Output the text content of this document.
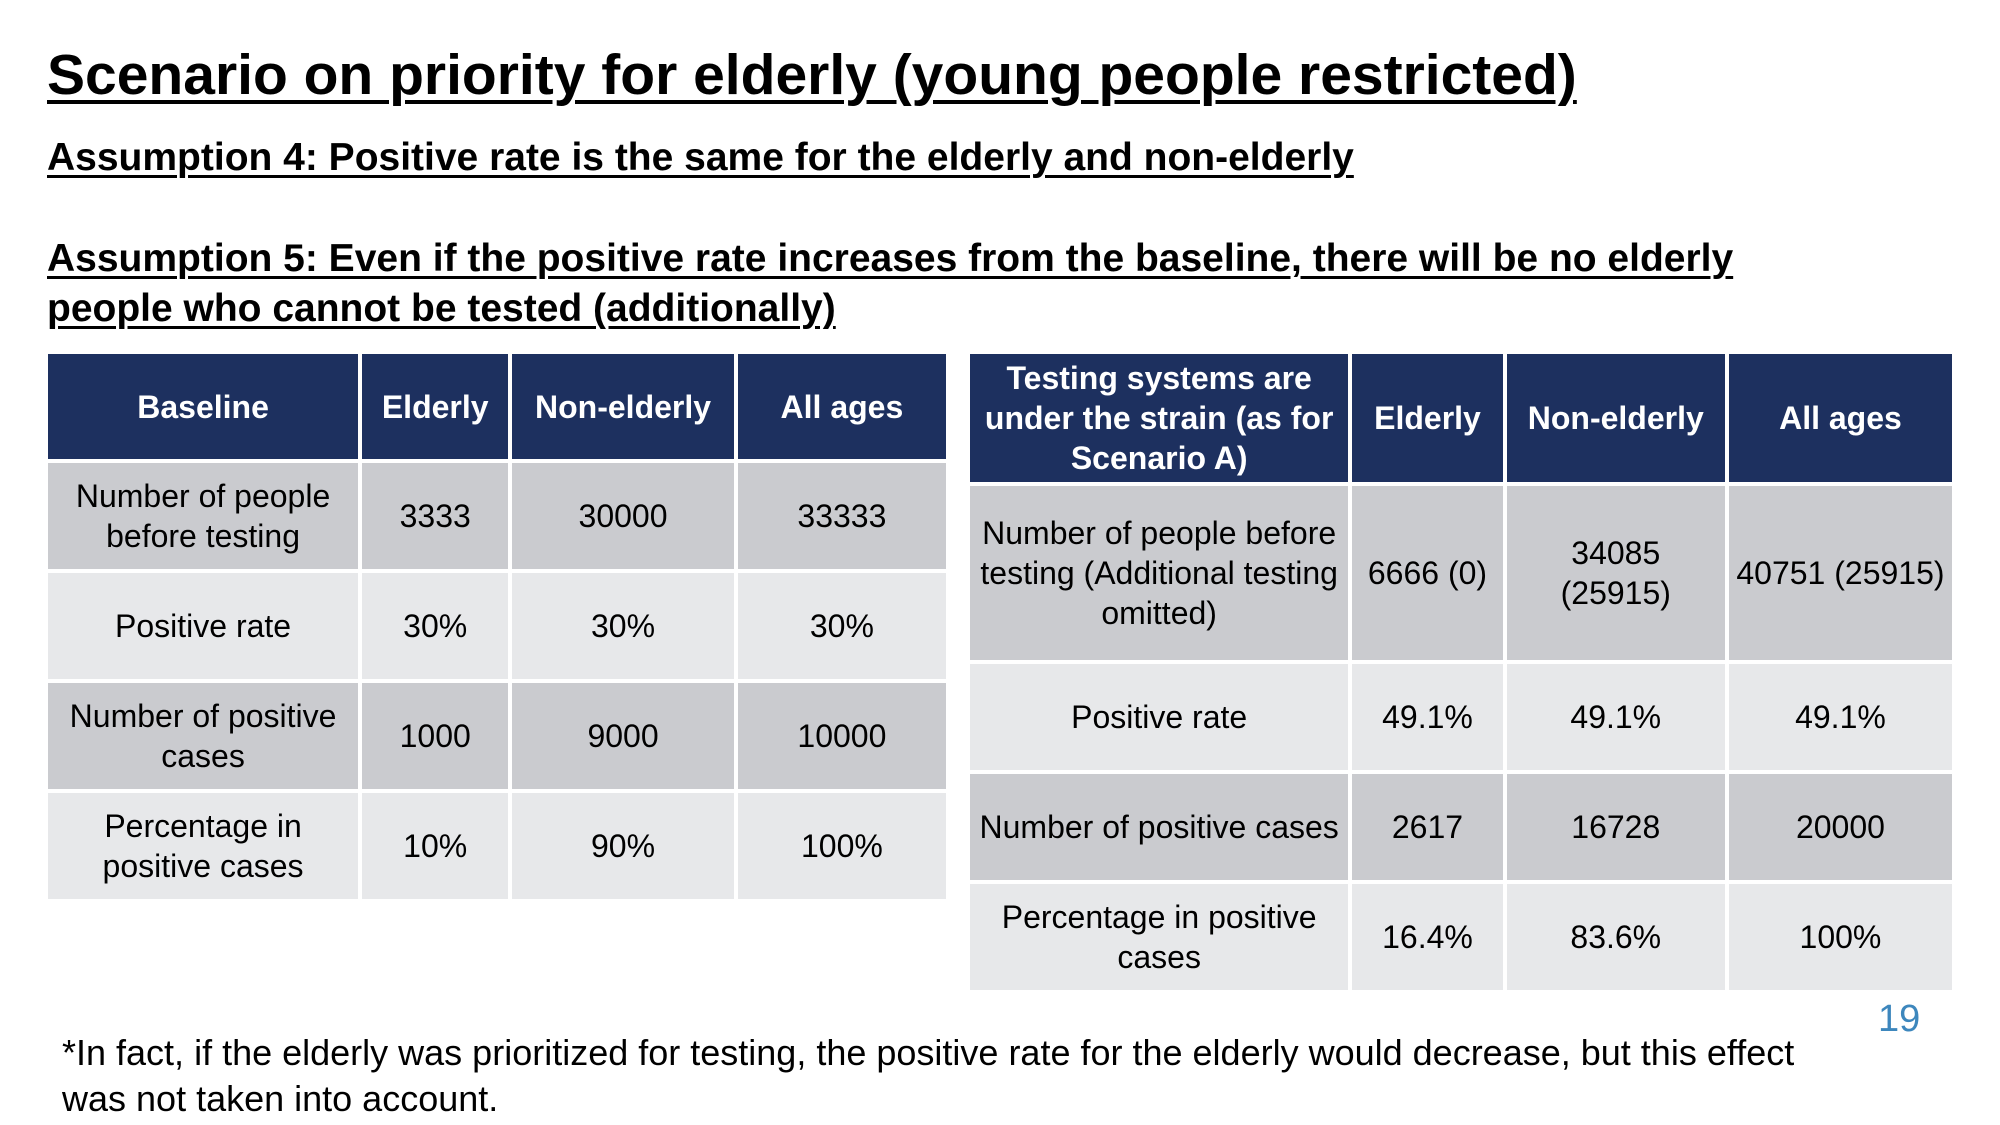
Scenario on priority for elderly (young people restricted)

Assumption 4: Positive rate is the same for the elderly and non-elderly

Assumption 5: Even if the positive rate increases from the baseline, there will be no elderly people who cannot be tested (additionally)

Baseline	Elderly	Non-elderly	All ages
Number of people before testing	3333	30000	33333
Positive rate	30%	30%	30%
Number of positive cases	1000	9000	10000
Percentage in positive cases	10%	90%	100%
Testing systems are under the strain (as for Scenario A)	Elderly	Non-elderly	All ages
Number of people before testing (Additional testing omitted)	6666 (0)	34085 (25915)	40751 (25915)
Positive rate	49.1%	49.1%	49.1%
Number of positive cases	2617	16728	20000
Percentage in positive cases	16.4%	83.6%	100%

19

*In fact, if the elderly was prioritized for testing, the positive rate for the elderly would decrease, but this effect was not taken into account.
